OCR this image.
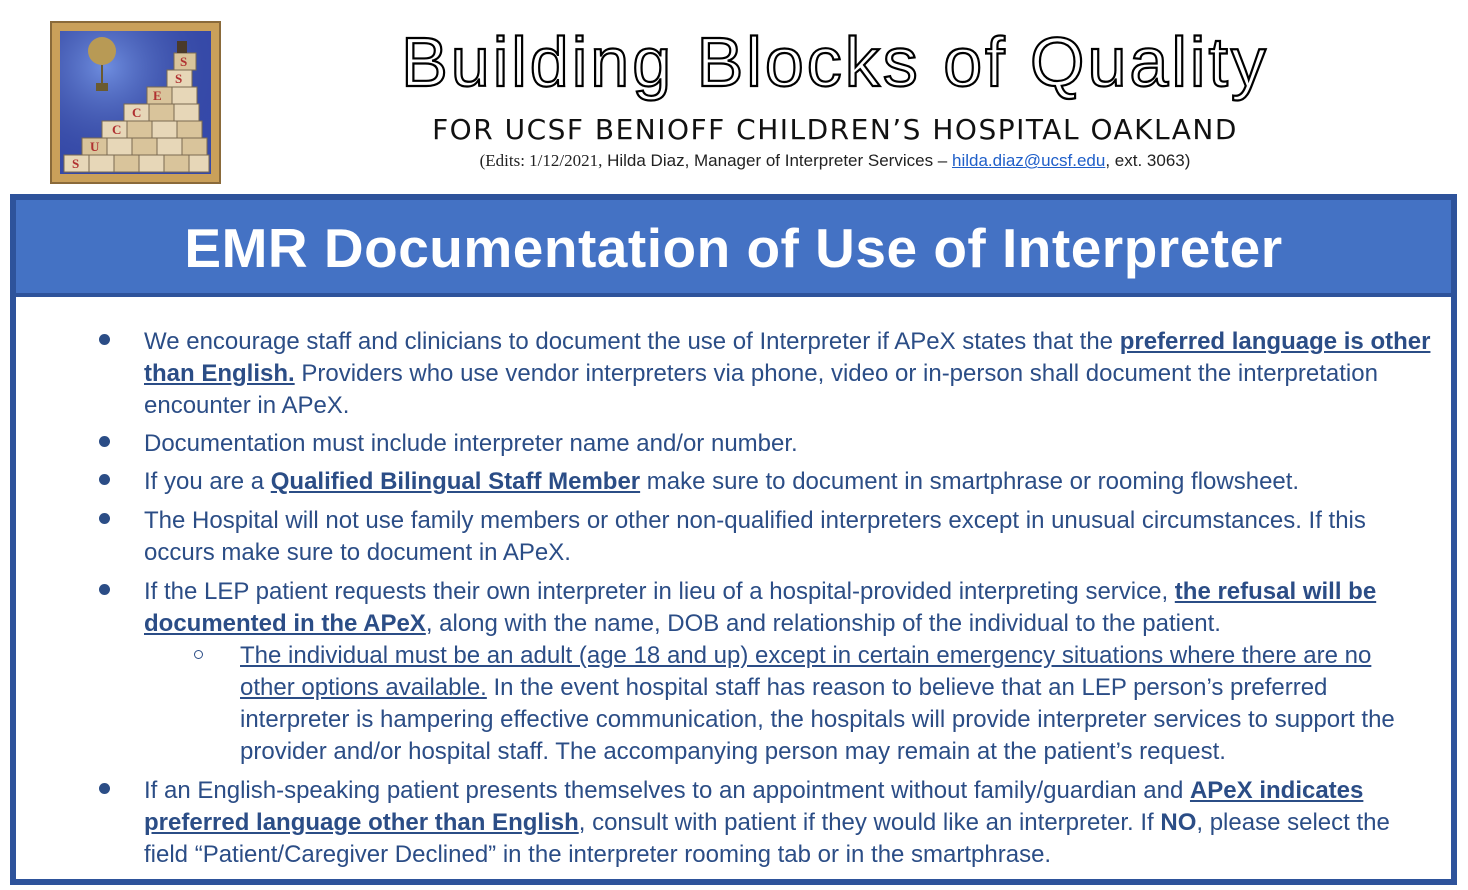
S
U
C
C
E
S
S	Building Blocks of Quality
FOR UCSF BENIOFF CHILDREN’S HOSPITAL OAKLAND
(Edits: 1/12/2021, Hilda Diaz, Manager of Interpreter Services – hilda.diaz@ucsf.edu, ext. 3063)
EMR Documentation of Use of Interpreter
We encourage staff and clinicians to document the use of Interpreter if APeX states that the preferred language is other than English. Providers who use vendor interpreters via phone, video or in-person shall document the interpretation encounter in APeX.
Documentation must include interpreter name and/or number.
If you are a Qualified Bilingual Staff Member make sure to document in smartphrase or rooming flowsheet.
The Hospital will not use family members or other non-qualified interpreters except in unusual circumstances. If this occurs make sure to document in APeX.
If the LEP patient requests their own interpreter in lieu of a hospital-provided interpreting service, the refusal will be documented in the APeX, along with the name, DOB and relationship of the individual to the patient.
The individual must be an adult (age 18 and up) except in certain emergency situations where there are no other options available. In the event hospital staff has reason to believe that an LEP person’s preferred interpreter is hampering effective communication, the hospitals will provide interpreter services to support the provider and/or hospital staff. The accompanying person may remain at the patient’s request.
If an English-speaking patient presents themselves to an appointment without family/guardian and APeX indicates preferred language other than English, consult with patient if they would like an interpreter. If NO, please select the field “Patient/Caregiver Declined” in the interpreter rooming tab or in the smartphrase.
